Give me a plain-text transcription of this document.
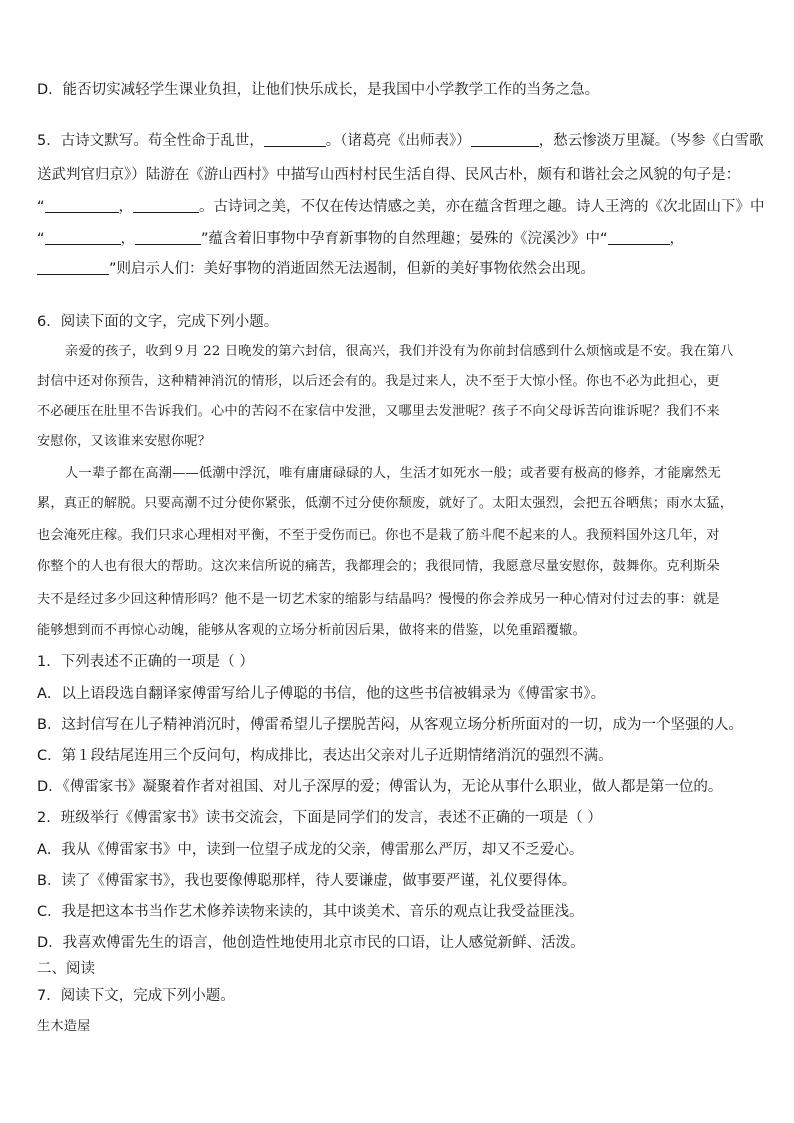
D．能否切实减轻学生课业负担，让他们快乐成长，是我国中小学教学工作的当务之急。
5．古诗文默写。苟全性命于乱世，	。（诸葛亮《出师表》）	，愁云惨淡万里凝。（岑参《白雪歌
送武判官归京》）陆游在《游山西村》中描写山西村村民生活自得、民风古朴，颇有和谐社会之风貌的句子是：
“	，	。古诗词之美，不仅在传达情感之美，亦在蕴含哲理之趣。诗人王湾的《次北固山下》中
“	，	”蕴含着旧事物中孕育新事物的自然理趣；晏殊的《浣溪沙》中“	，
”则启示人们：美好事物的消逝固然无法遏制，但新的美好事物依然会出现。
6．阅读下面的文字，完成下列小题。
亲爱的孩子，收到９月 22 日晚发的第六封信，很高兴，我们并没有为你前封信感到什么烦恼或是不安。我在第八
封信中还对你预告，这种精神消沉的情形，以后还会有的。我是过来人，决不至于大惊小怪。你也不必为此担心，更
不必硬压在肚里不告诉我们。心中的苦闷不在家信中发泄，又哪里去发泄呢？孩子不向父母诉苦向谁诉呢？我们不来
安慰你，又该谁来安慰你呢？
人一辈子都在高潮——低潮中浮沉，唯有庸庸碌碌的人，生活才如死水一般；或者要有极高的修养，才能廓然无
累，真正的解脱。只要高潮不过分使你紧张，低潮不过分使你颓废，就好了。太阳太强烈，会把五谷晒焦；雨水太猛，
也会淹死庄稼。我们只求心理相对平衡，不至于受伤而已。你也不是栽了筋斗爬不起来的人。我预料国外这几年，对
你整个的人也有很大的帮助。这次来信所说的痛苦，我都理会的；我很同情，我愿意尽量安慰你，鼓舞你。克利斯朵
夫不是经过多少回这种情形吗？他不是一切艺术家的缩影与结晶吗？慢慢的你会养成另一种心情对付过去的事：就是
能够想到而不再惊心动魄，能够从客观的立场分析前因后果，做将来的借鉴，以免重蹈覆辙。
1．下列表述不正确的一项是（ ）
A．以上语段选自翻译家傅雷写给儿子傅聪的书信，他的这些书信被辑录为《傅雷家书》。
B．这封信写在儿子精神消沉时，傅雷希望儿子摆脱苦闷，从客观立场分析所面对的一切，成为一个坚强的人。
C．第１段结尾连用三个反问句，构成排比，表达出父亲对儿子近期情绪消沉的强烈不满。
D．《傅雷家书》凝聚着作者对祖国、对儿子深厚的爱；傅雷认为，无论从事什么职业，做人都是第一位的。
2．班级举行《傅雷家书》读书交流会，下面是同学们的发言，表述不正确的一项是（ ）
A．我从《傅雷家书》中，读到一位望子成龙的父亲，傅雷那么严厉，却又不乏爱心。
B．读了《傅雷家书》，我也要像傅聪那样，待人要谦虚，做事要严谨，礼仪要得体。
C．我是把这本书当作艺术修养读物来读的，其中谈美术、音乐的观点让我受益匪浅。
D．我喜欢傅雷先生的语言，他创造性地使用北京市民的口语，让人感觉新鲜、活泼。
二、阅读
7．阅读下文，完成下列小题。
生木造屋
